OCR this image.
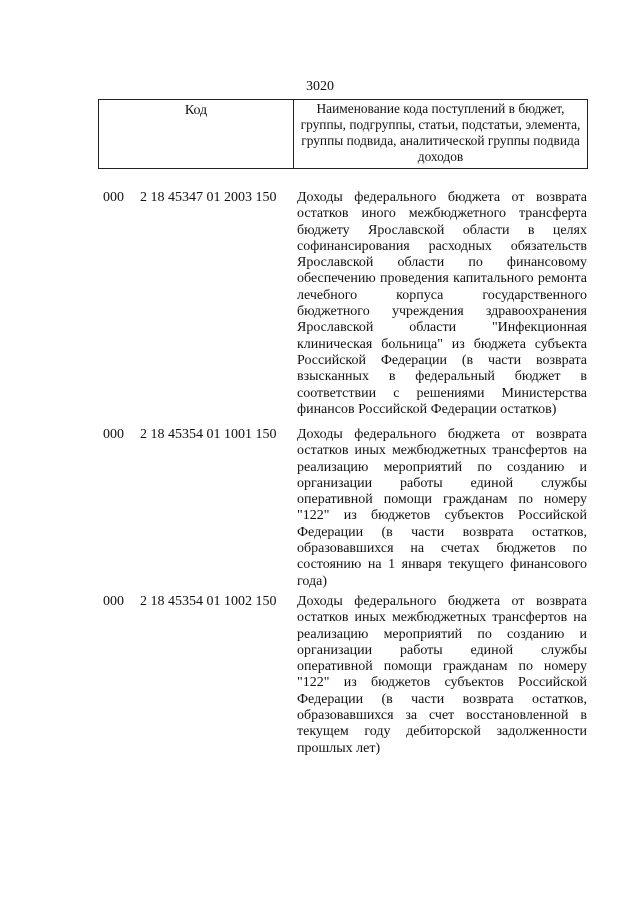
3020
Код	Наименование кода поступлений в бюджет, группы, подгруппы, статьи, подстатьи, элемента, группы подвида, аналитической группы подвида доходов
000 2 18 45347 01 2003 150 Доходы федерального бюджета от возврата остатков иного межбюджетного трансферта бюджету Ярославской области в целях софинансирования расходных обязательств Ярославской области по финансовому обеспечению проведения капитального ремонта лечебного корпуса государственного бюджетного учреждения здравоохранения Ярославской области "Инфекционная клиническая больница" из бюджета субъекта Российской Федерации (в части возврата взысканных в федеральный бюджет в соответствии с решениями Министерства финансов Российской Федерации остатков)
000 2 18 45354 01 1001 150 Доходы федерального бюджета от возврата остатков иных межбюджетных трансфертов на реализацию мероприятий по созданию и организации работы единой службы оперативной помощи гражданам по номеру "122" из бюджетов субъектов Российской Федерации (в части возврата остатков, образовавшихся на счетах бюджетов по состоянию на 1 января текущего финансового года)
000 2 18 45354 01 1002 150 Доходы федерального бюджета от возврата остатков иных межбюджетных трансфертов на реализацию мероприятий по созданию и организации работы единой службы оперативной помощи гражданам по номеру "122" из бюджетов субъектов Российской Федерации (в части возврата остатков, образовавшихся за счет восстановленной в текущем году дебиторской задолженности прошлых лет)
